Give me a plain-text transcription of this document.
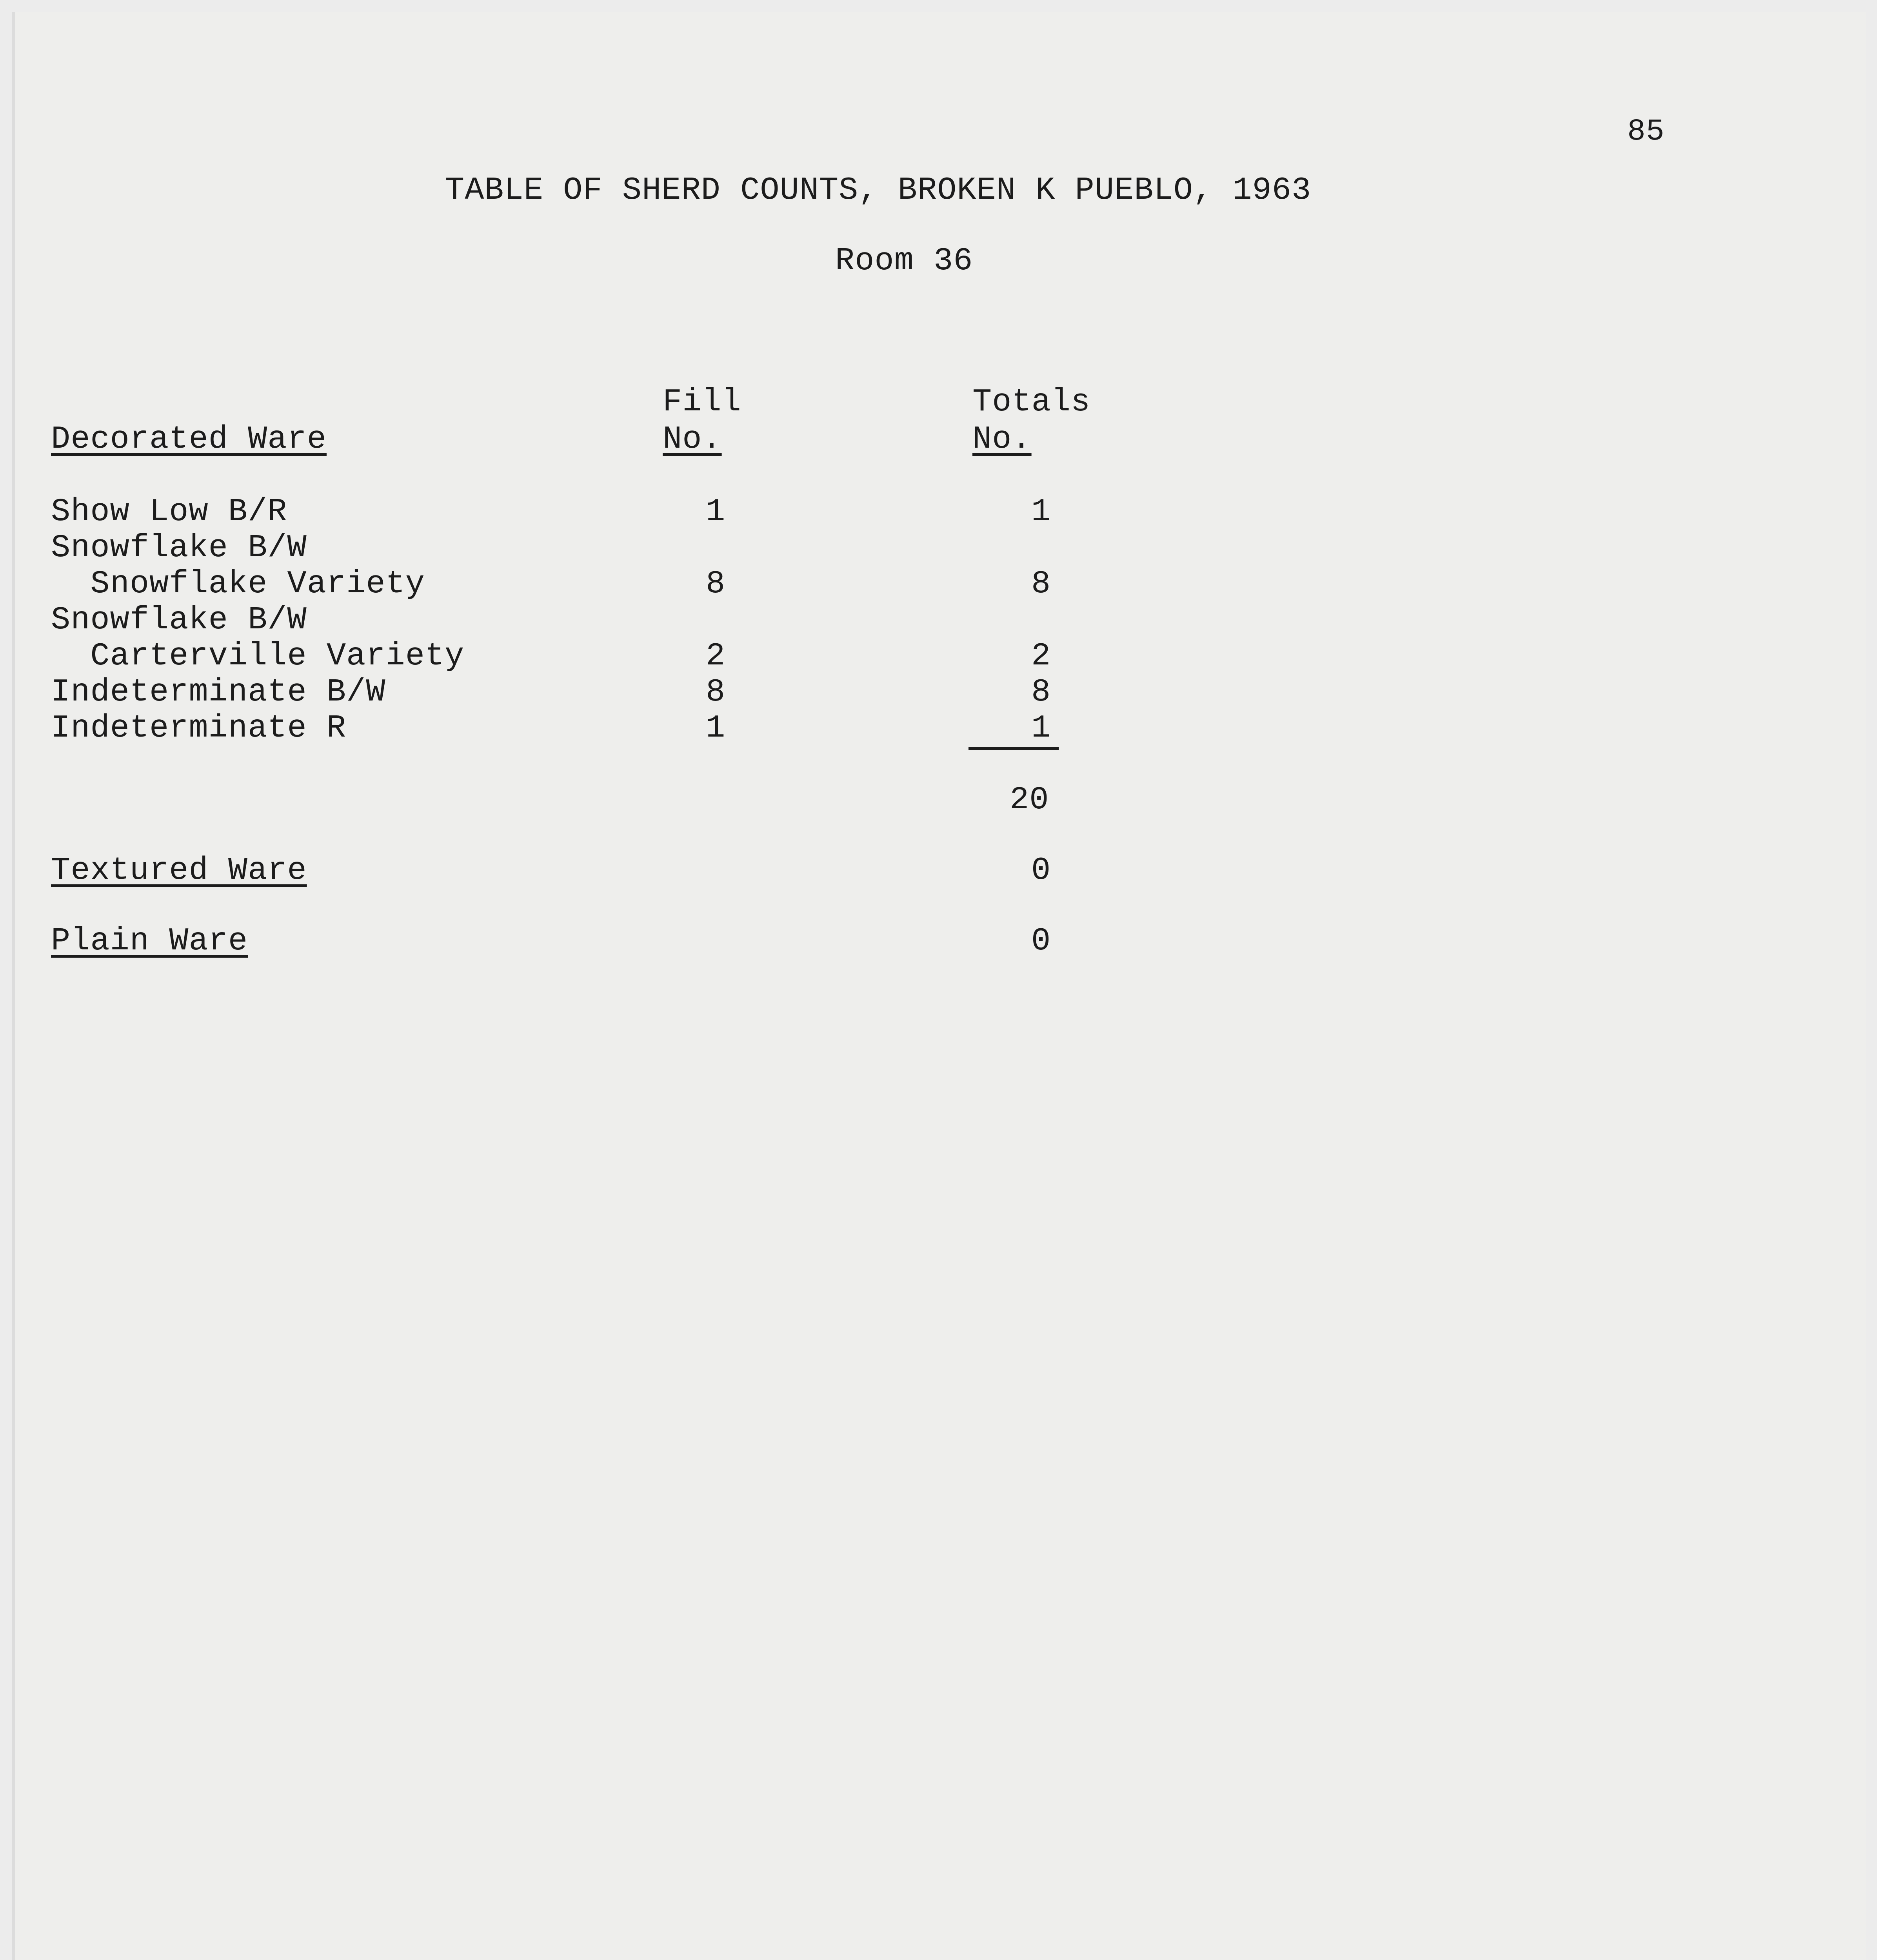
85
TABLE OF SHERD COUNTS, BROKEN K PUEBLO, 1963
Room 36
Fill
No.
Totals
No.
Decorated Ware
Show Low B/R
Snowflake B/W
Snowflake Variety
Snowflake B/W
Carterville Variety
Indeterminate B/W
Indeterminate R
1
8
2
8
1
1
8
2
8
1
20
Textured Ware	0
Plain Ware	0
